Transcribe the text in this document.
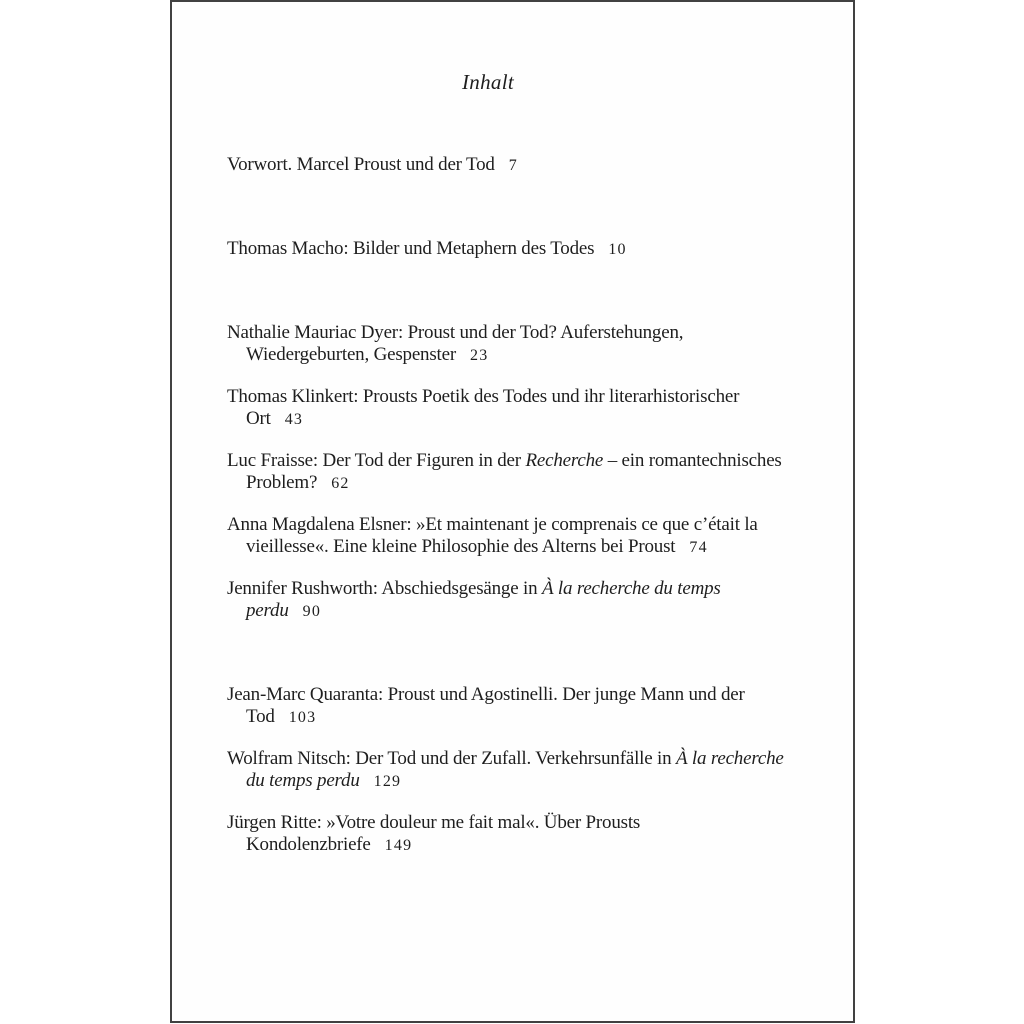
Inhalt
Vorwort. Marcel Proust und der Tod 7
Thomas Macho: Bilder und Metaphern des Todes 10
Nathalie Mauriac Dyer: Proust und der Tod? Auferstehungen,
Wiedergeburten, Gespenster 23
Thomas Klinkert: Prousts Poetik des Todes und ihr literarhistorischer
Ort 43
Luc Fraisse: Der Tod der Figuren in der Recherche – ein romantechnisches
Problem? 62
Anna Magdalena Elsner: »Et maintenant je comprenais ce que c’était la
vieillesse«. Eine kleine Philosophie des Alterns bei Proust 74
Jennifer Rushworth: Abschiedsgesänge in À la recherche du temps
perdu 90
Jean-Marc Quaranta: Proust und Agostinelli. Der junge Mann und der
Tod 103
Wolfram Nitsch: Der Tod und der Zufall. Verkehrsunfälle in À la recherche
du temps perdu 129
Jürgen Ritte: »Votre douleur me fait mal«. Über Prousts
Kondolenzbriefe 149
